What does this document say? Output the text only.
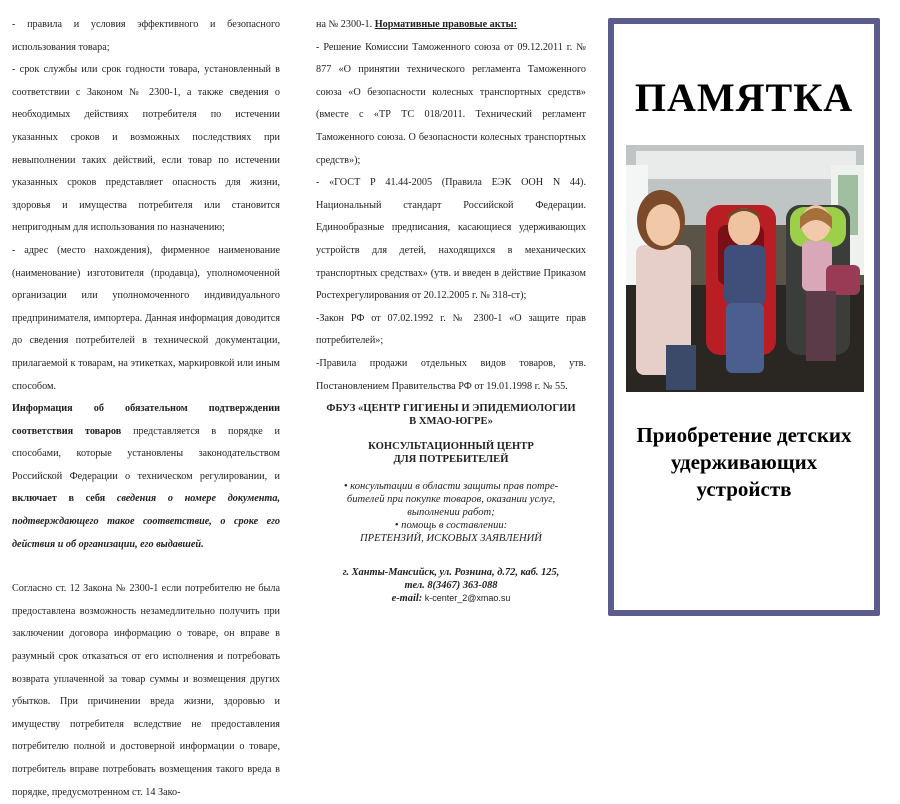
- правила и условия эффективного и безопасного использования товара;

- срок службы или срок годности товара, установленный в соответствии с Законом № 2300-1, а также сведения о необходимых действиях потребителя по истечении указанных сроков и возможных последствиях при невыполнении таких действий, если товар по истечении указанных сроков представляет опасность для жизни, здоровья и имущества потребителя или становится непригодным для использования по назначению;

- адрес (место нахождения), фирменное наименование (наименование) изготовителя (продавца), уполномоченной организации или уполномоченного индивидуального предпринимателя, импортера. Данная информация доводится до сведения потребителей в технической документации, прилагаемой к товарам, на этикетках, маркировкой или иным способом.

Информация об обязательном подтверждении соответствия товаров представляется в порядке и способами, которые установлены законодательством Российской Федерации о техническом регулировании, и включает в себя сведения о номере документа, подтверждающего такое соответствие, о сроке его действия и об организации, его выдавшей.

Согласно ст. 12 Закона № 2300-1 если потребителю не была предоставлена возможность незамедлительно получить при заключении договора информацию о товаре, он вправе в разумный срок отказаться от его исполнения и потребовать возврата уплаченной за товар суммы и возмещения других убытков. При причинении вреда жизни, здоровью и имуществу потребителя вследствие не предоставления потребителю полной и достоверной информации о товаре, потребитель вправе потребовать возмещения такого вреда в порядке, предусмотренном ст. 14 Зако-

на № 2300-1. Нормативные правовые акты:

- Решение Комиссии Таможенного союза от 09.12.2011 г. № 877 «О принятии технического регламента Таможенного союза «О безопасности колесных транспортных средств» (вместе с «ТР ТС 018/2011. Технический регламент Таможенного союза. О безопасности колесных транспортных средств»);

- «ГОСТ Р 41.44-2005 (Правила ЕЭК ООН N 44). Национальный стандарт Российской Федерации. Единообразные предписания, касающиеся удерживающих устройств для детей, находящихся в механических транспортных средствах» (утв. и введен в действие Приказом Ростехрегулирования от 20.12.2005 г. № 318-ст);

-Закон РФ от 07.02.1992 г. № 2300-1 «О защите прав потребителей»;

-Правила продажи отдельных видов товаров, утв. Постановлением Правительства РФ от 19.01.1998 г. № 55.

ФБУЗ «ЦЕНТР ГИГИЕНЫ И ЭПИДЕМИОЛОГИИ
В ХМАО-ЮГРЕ»
КОНСУЛЬТАЦИОННЫЙ ЦЕНТР
ДЛЯ ПОТРЕБИТЕЛЕЙ
• консультации в области защиты прав потре-
бителей при покупке товаров, оказании услуг,
выполнении работ;
• помощь в составлении:
ПРЕТЕНЗИЙ, ИСКОВЫХ ЗАЯВЛЕНИЙ
г. Ханты-Мансийск, ул. Рознина, д.72, каб. 125,
тел. 8(3467) 363-088
e-mail: k-center_2@xmao.su
ПАМЯТКА
Приобретение детских
удерживающих
устройств
